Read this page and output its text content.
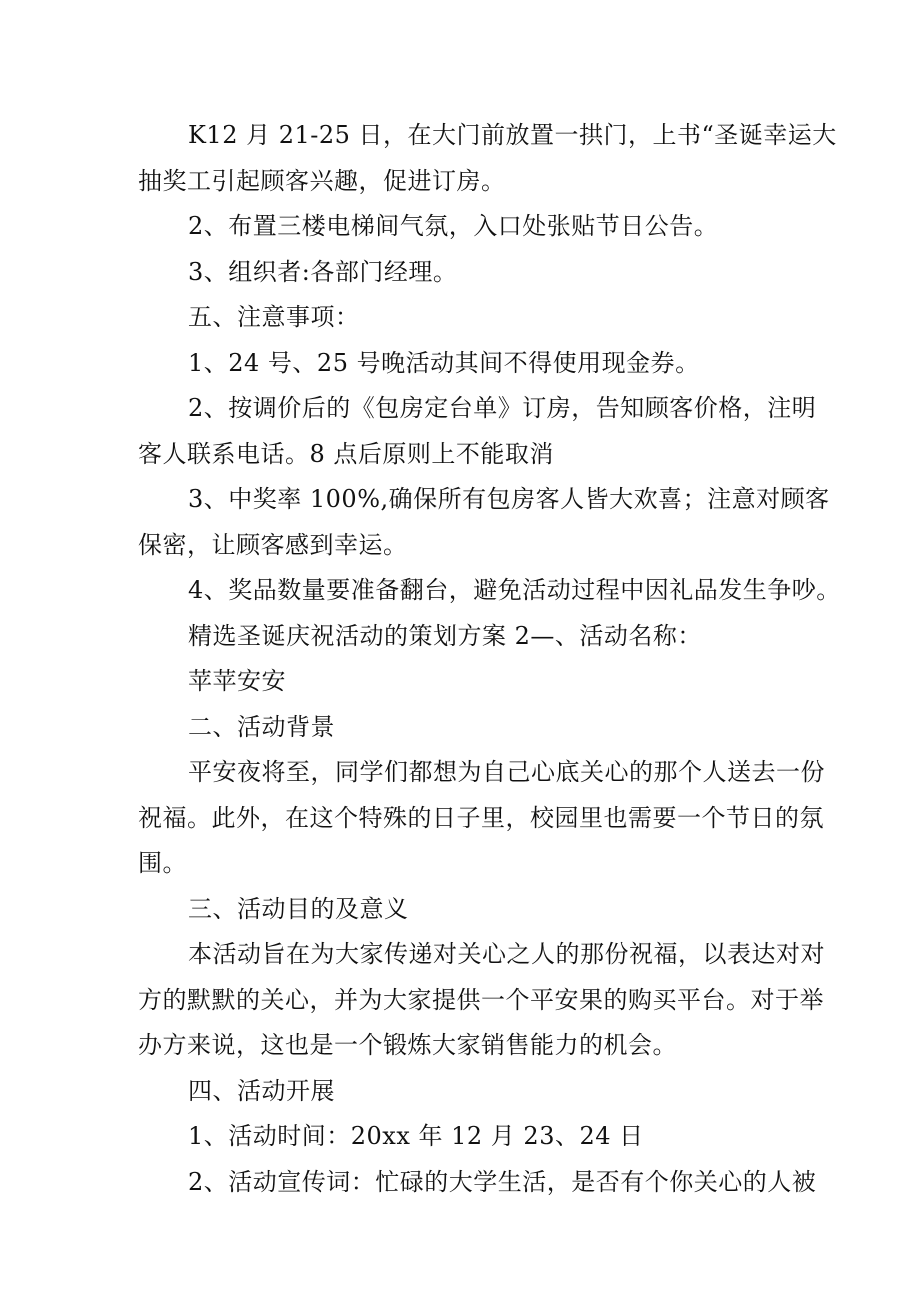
K12 月 21-25 日，在大门前放置一拱门，上书“圣诞幸运大

抽奖工引起顾客兴趣，促进订房。

2、布置三楼电梯间气氛，入口处张贴节日公告。

3、组织者:各部门经理。

五、注意事项：

1、24 号、25 号晚活动其间不得使用现金券。

2、按调价后的《包房定台单》订房，告知顾客价格，注明

客人联系电话。8 点后原则上不能取消

3、中奖率 100%,确保所有包房客人皆大欢喜；注意对顾客

保密，让顾客感到幸运。

4、奖品数量要准备翻台，避免活动过程中因礼品发生争吵。

精选圣诞庆祝活动的策划方案 2—、活动名称：

苹苹安安

二、活动背景

平安夜将至，同学们都想为自己心底关心的那个人送去一份

祝福。此外，在这个特殊的日子里，校园里也需要一个节日的氛

围。

三、活动目的及意义

本活动旨在为大家传递对关心之人的那份祝福，以表达对对

方的默默的关心，并为大家提供一个平安果的购买平台。对于举

办方来说，这也是一个锻炼大家销售能力的机会。

四、活动开展

1、活动时间：20xx 年 12 月 23、24 日

2、活动宣传词：忙碌的大学生活，是否有个你关心的人被
